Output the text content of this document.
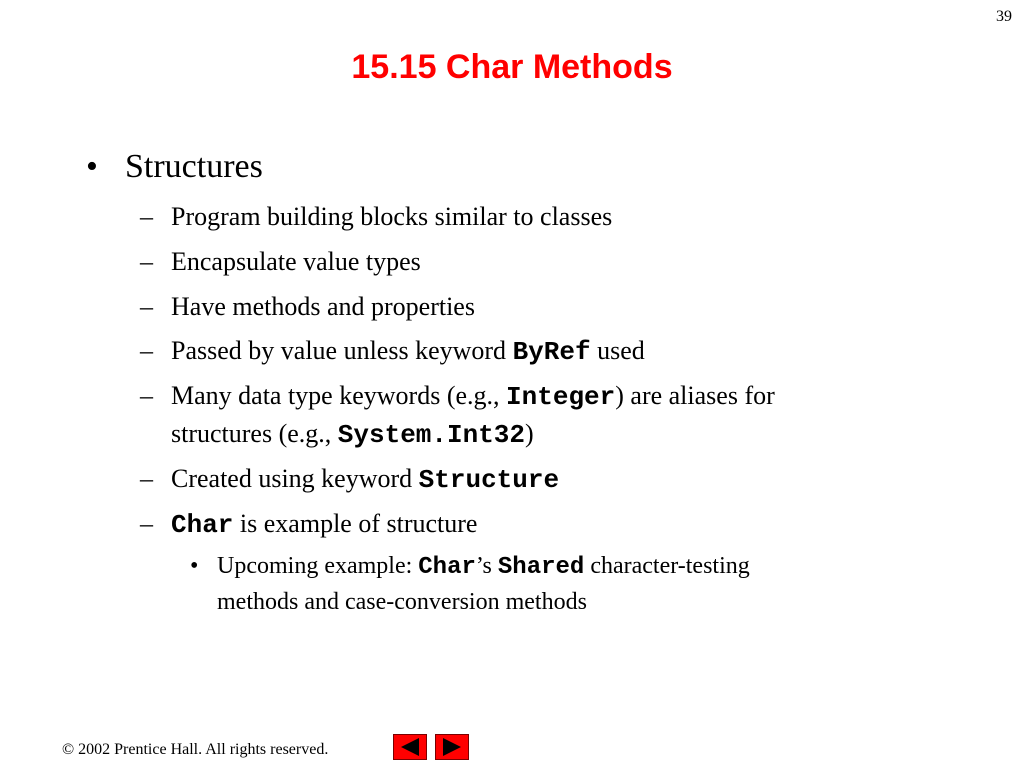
39
15.15 Char Methods
• Structures
– Program building blocks similar to classes
– Encapsulate value types
– Have methods and properties
– Passed by value unless keyword ByRef used
– Many data type keywords (e.g., Integer) are aliases for
structures (e.g., System.Int32)
– Created using keyword Structure
– Char is example of structure
• Upcoming example: Char’s Shared character-testing
methods and case-conversion methods
© 2002 Prentice Hall. All rights reserved.
